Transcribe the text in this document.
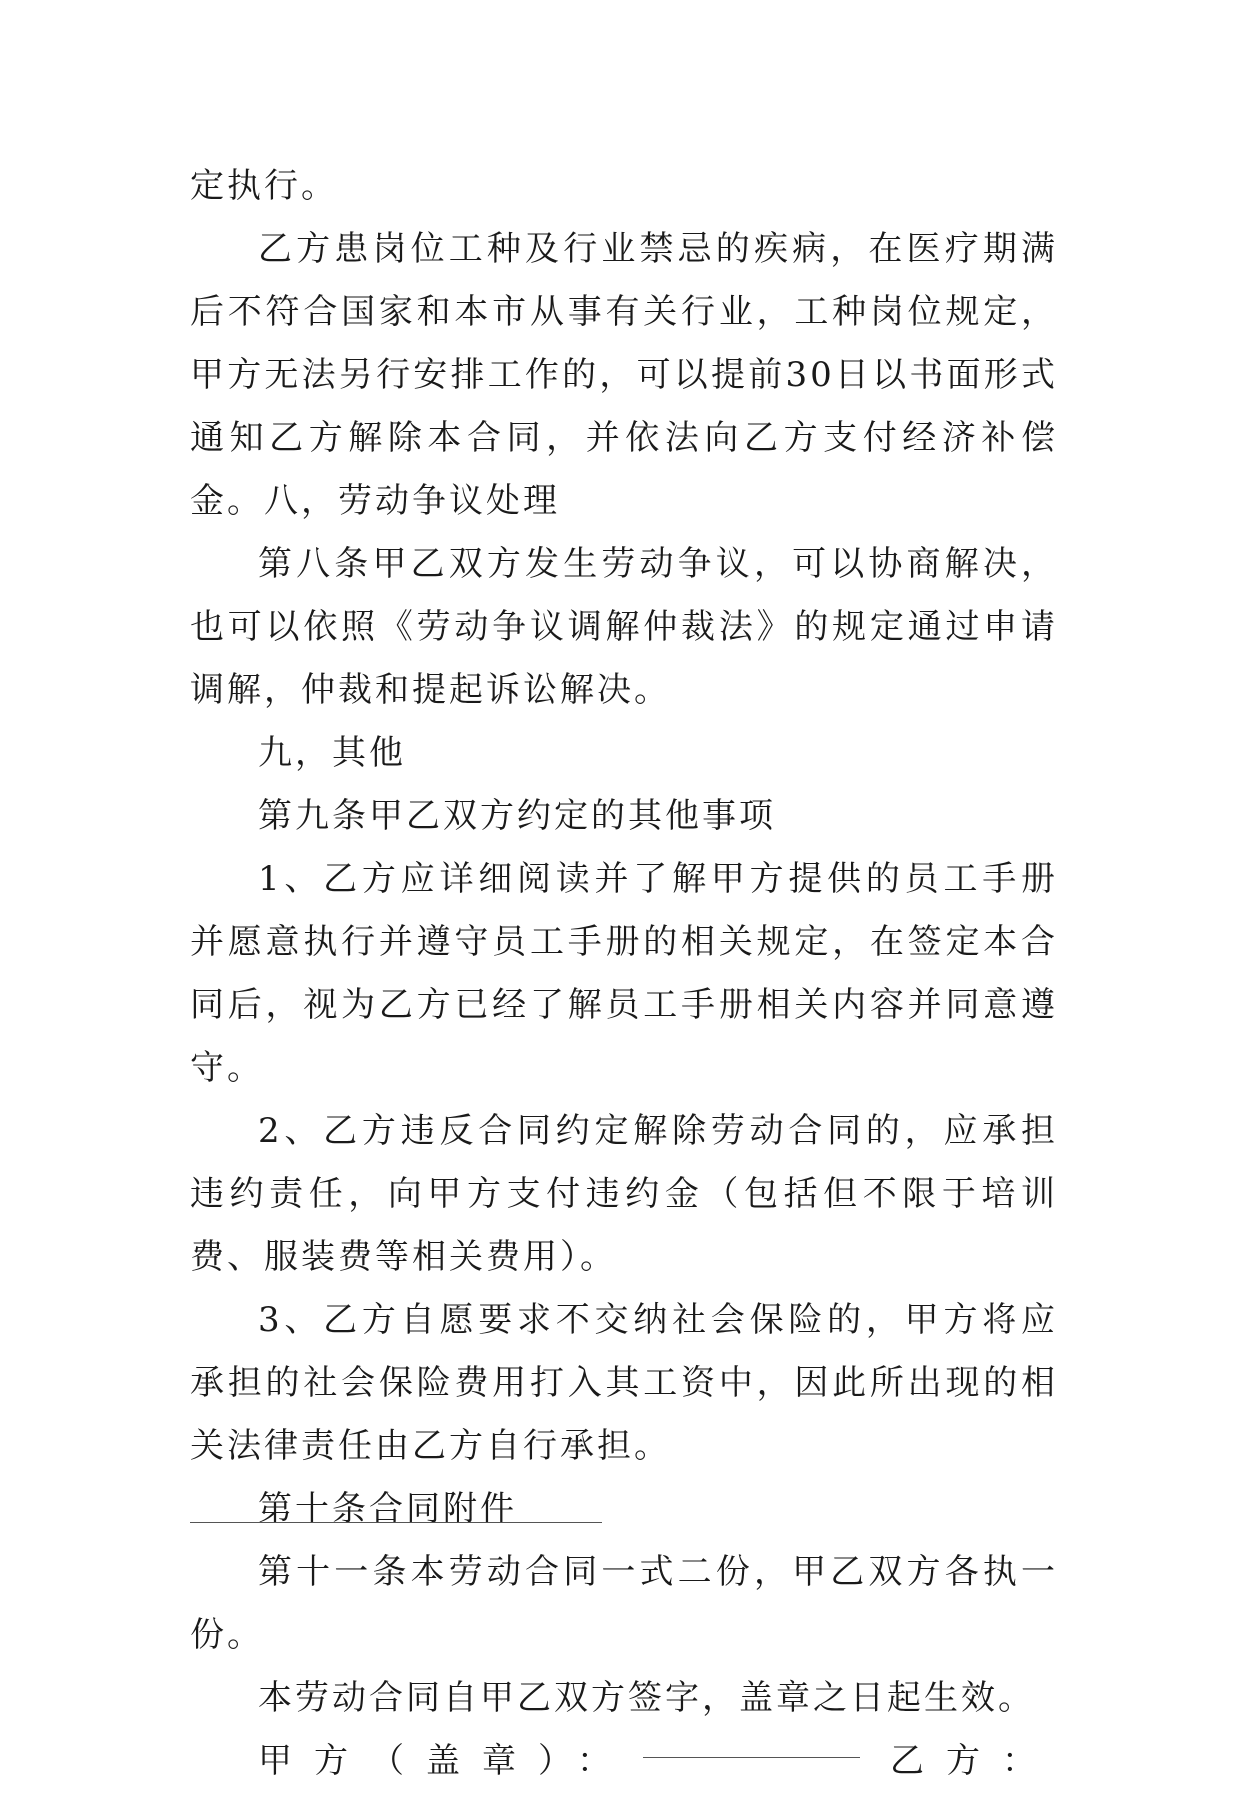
定执行。

乙方患岗位工种及行业禁忌的疾病，在医疗期满后不符合国家和本市从事有关行业，工种岗位规定，甲方无法另行安排工作的，可以提前30日以书面形式通知乙方解除本合同，并依法向乙方支付经济补偿金。八，劳动争议处理

第八条甲乙双方发生劳动争议，可以协商解决，也可以依照《劳动争议调解仲裁法》的规定通过申请调解，仲裁和提起诉讼解决。

九，其他

第九条甲乙双方约定的其他事项

1、乙方应详细阅读并了解甲方提供的员工手册并愿意执行并遵守员工手册的相关规定，在签定本合同后，视为乙方已经了解员工手册相关内容并同意遵守。

2、乙方违反合同约定解除劳动合同的，应承担违约责任，向甲方支付违约金（包括但不限于培训费、服装费等相关费用）。

3、乙方自愿要求不交纳社会保险的，甲方将应承担的社会保险费用打入其工资中，因此所出现的相关法律责任由乙方自行承担。

第十条合同附件

第十一条本劳动合同一式二份，甲乙双方各执一份。

本劳动合同自甲乙双方签字，盖章之日起生效。

甲方（盖章）：	乙方：
